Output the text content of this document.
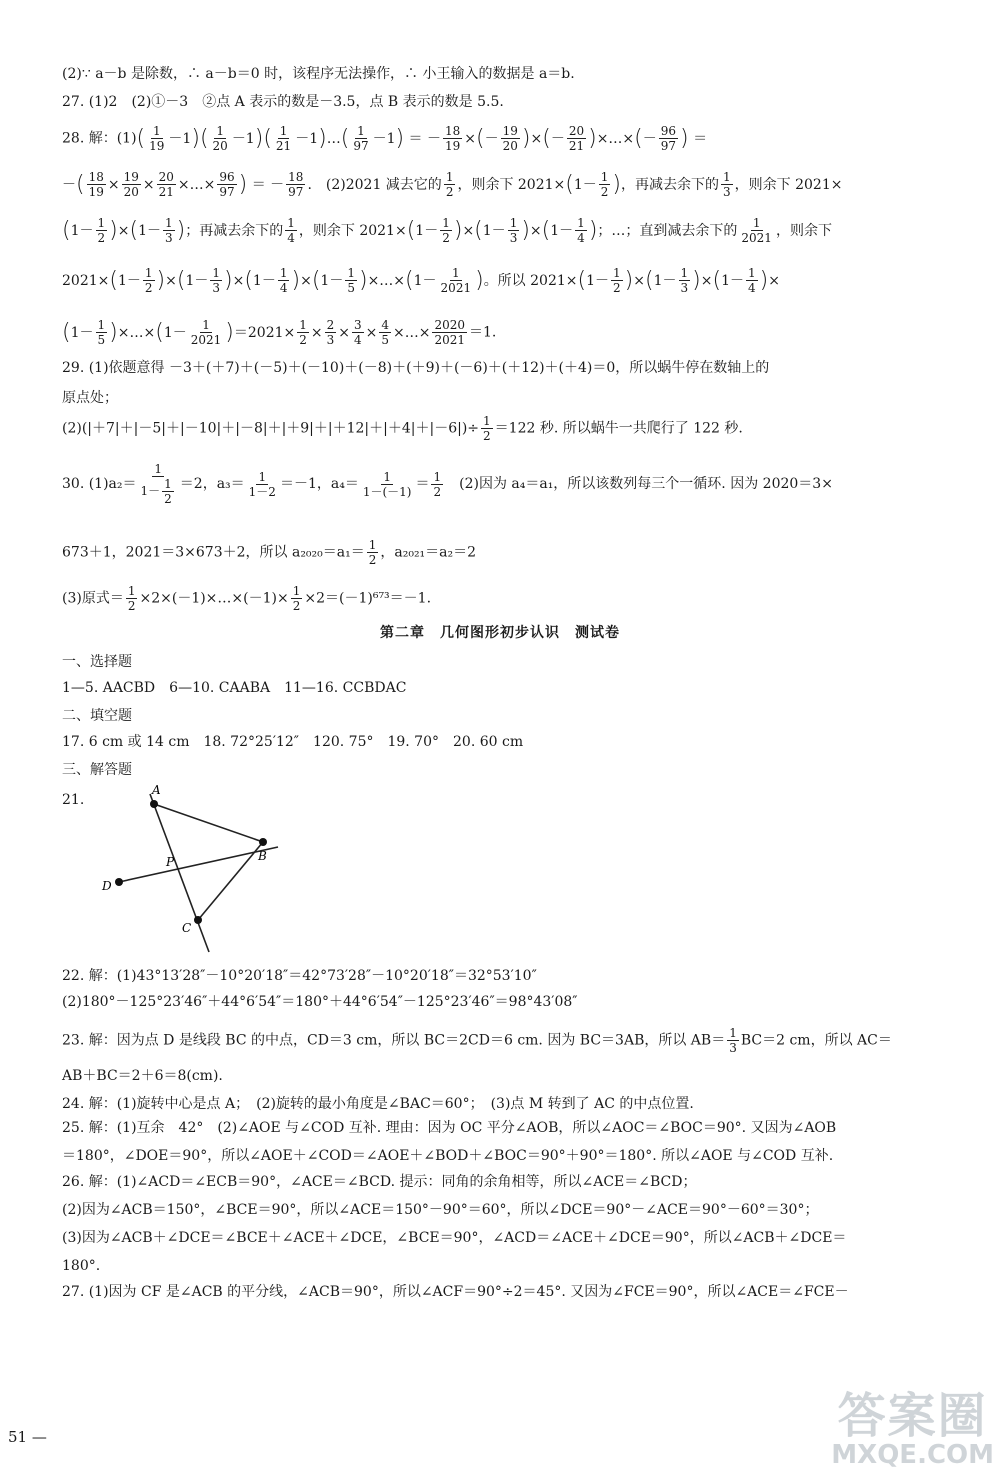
(2)∵ a－b 是除数，∴ a－b＝0 时，该程序无法操作，∴ 小王输入的数据是 a＝b.
27. (1)2　(2)①－3　②点 A 表示的数是－3.5，点 B 表示的数是 5.5.
28. 解：$(1)( \frac{1}{19} -1)( \frac{1}{20} -1)( \frac{1}{21}$ －1)…( $\frac{1}{97} -1$) ＝ － $\frac{18}{19}$ ×(－ $\frac{19}{20}$ )×(－ $\frac{20}{21}$ )×…×(－ $\frac{96}{97}$ ) ＝
－( $\frac{18}{19} \times \frac{19}{20} \times \frac{20}{21}$ ×…× $\frac{96}{97}$ ) ＝ － $\frac{18}{97}$ .　(2)2021 减去它的 $\frac{1}{2}$ ，则余下 $2021\times(1- \frac{1}{2}$ )，再减去余下的 $\frac{1}{3}$ ，则余下 2021×
$(1- \frac{1}{2} )\times(1- \frac{1}{3}$ )；再减去余下的 $\frac{1}{4}$ ，则余下 $2021\times(1- \frac{1}{2} )\times(1- \frac{1}{3} )\times(1- \frac{1}{4}$ )；…；直到减去余下的 $\frac{1}{2021}$ ，则余下
$2021\times(1- \frac{1}{2} )\times(1- \frac{1}{3} )\times(1- \frac{1}{4} )\times(1- \frac{1}{5}$ )×…×(1－ $\frac{1}{2021}$ )。所以 $2021\times(1- \frac{1}{2} )\times(1- \frac{1}{3} )\times(1- \frac{1}{4}$ )×
($1- \frac{1}{5}$ )×…×(1－ $\frac{1}{2021} )=2021\times \frac{1}{2} \times \frac{2}{3} \times \frac{3}{4} \times \frac{4}{5}$ ×…× $\frac{2020}{2021} =1$.
29. (1)依题意得 －3＋(＋7)＋(－5)＋(－10)＋(－8)＋(＋9)＋(－6)＋(＋12)＋(＋4)＝0，所以蜗牛停在数轴上的
原点处；
$(2)(|+7|+|-5|+|-10|+|-8|+|+9|+|+12|+|+4|+|-6|)\div \frac{1}{2} =122$ 秒. 所以蜗牛一共爬行了 122 秒.
30. $(1)a_2= \frac{1}{1- \frac{1}{2}} =2$，$a_3= \frac{1}{1-2} =-1$，$a_4= \frac{1}{1-(-1)} = \frac{1}{2}$ 　(2)因为 a₄＝a₁，所以该数列每三个一循环. 因为 2020＝3×
673＋1，2021＝3×673＋2，所以 $a_{2020}=a_1= \frac{1}{2}$ ，a₂₀₂₁＝a₂＝2
(3)原式＝ $\frac{1}{2}$ ×2×(－1)×…×(－1)× $\frac{1}{2} \times 2=(-1)^{673}=-1$.
第二章　几何图形初步认识　测试卷
一、选择题
1—5. AACBD　6—10. CAABA　11—16. CCBDAC
二、填空题
17. 6 cm 或 14 cm　18. 72°25′12″　120. 75°　19. 70°　20. 60 cm
三、解答题
21.
A
B
C
D
P
22. 解：(1)43°13′28″－10°20′18″＝42°73′28″－10°20′18″＝32°53′10″
(2)180°－125°23′46″＋44°6′54″＝180°＋44°6′54″－125°23′46″＝98°43′08″
23. 解：因为点 D 是线段 BC 的中点，CD＝3 cm，所以 BC＝2CD＝6 cm. 因为 BC＝3AB，所以 $AB= \frac{1}{3} BC=2$ cm，所以 AC＝
AB＋BC＝2＋6＝8(cm).
24. 解：(1)旋转中心是点 A；　(2)旋转的最小角度是∠BAC＝60°；　(3)点 M 转到了 AC 的中点位置.
25. 解：(1)互余　42°　(2)∠AOE 与∠COD 互补. 理由：因为 OC 平分∠AOB，所以∠AOC＝∠BOC＝90°. 又因为∠AOB
＝180°，∠DOE＝90°，所以∠AOE＋∠COD＝∠AOE＋∠BOD＋∠BOC＝90°＋90°＝180°. 所以∠AOE 与∠COD 互补.
26. 解：(1)∠ACD＝∠ECB＝90°，∠ACE＝∠BCD. 提示：同角的余角相等，所以∠ACE＝∠BCD；
(2)因为∠ACB＝150°，∠BCE＝90°，所以∠ACE＝150°－90°＝60°，所以∠DCE＝90°－∠ACE＝90°－60°＝30°；
(3)因为∠ACB＋∠DCE＝∠BCE＋∠ACE＋∠DCE，∠BCE＝90°，∠ACD＝∠ACE＋∠DCE＝90°，所以∠ACB＋∠DCE＝
180°.
27. (1)因为 CF 是∠ACB 的平分线，∠ACB＝90°，所以∠ACF＝90°÷2＝45°. 又因为∠FCE＝90°，所以∠ACE＝∠FCE－
51 —	答案圈
MXQE.COM
